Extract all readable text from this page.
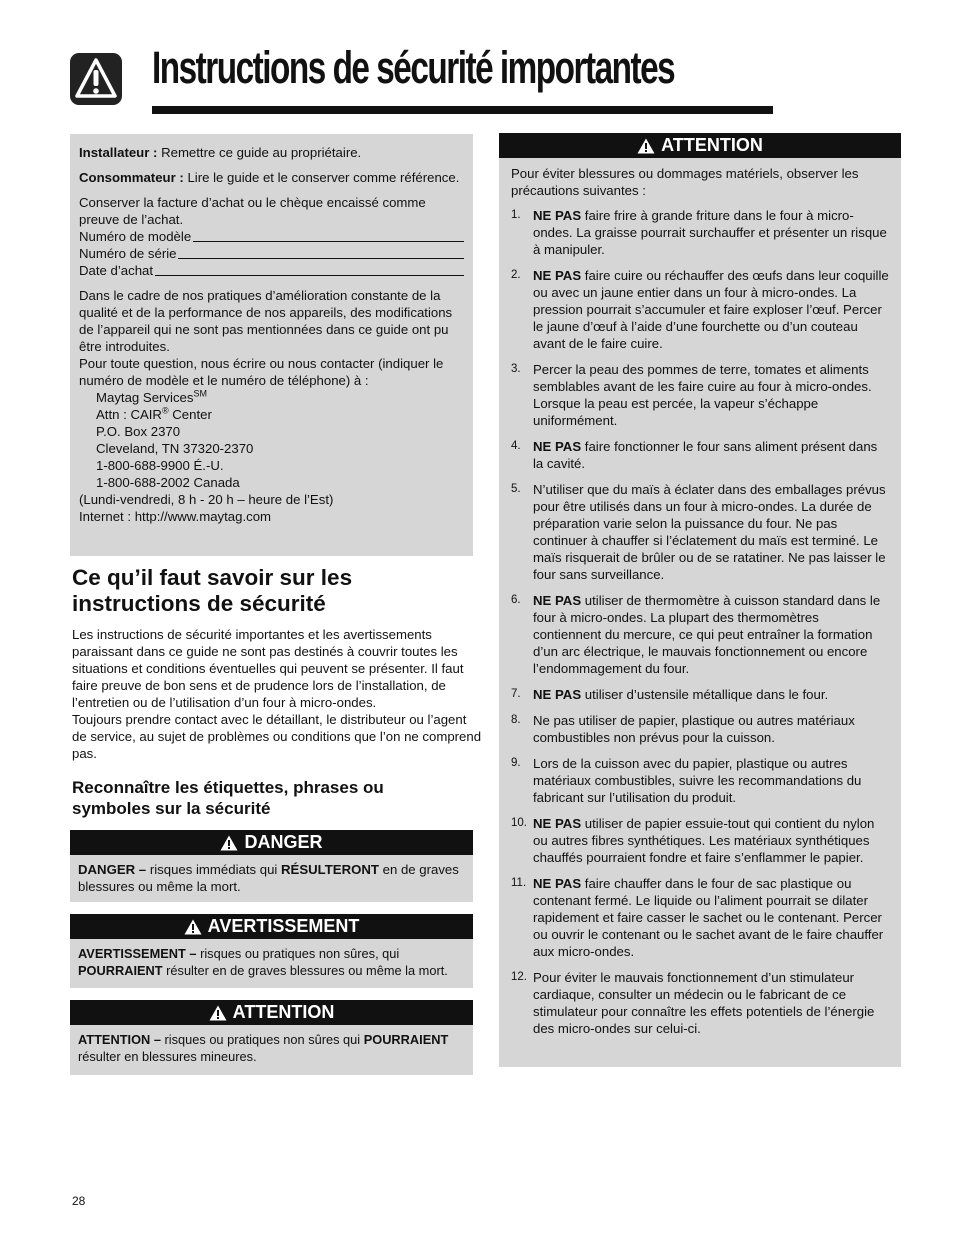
Instructions de sécurité importantes

Installateur : Remettre ce guide au propriétaire.

Consommateur : Lire le guide et le conserver comme référence.

Conserver la facture d’achat ou le chèque encaissé comme preuve de l’achat.

Numéro de modèle
Numéro de série
Date d’achat

Dans le cadre de nos pratiques d’amélioration constante de la qualité et de la performance de nos appareils, des modifications de l’appareil qui ne sont pas mentionnées dans ce guide ont pu être introduites.

Pour toute question, nous écrire ou nous contacter (indiquer le numéro de modèle et le numéro de téléphone) à :

Maytag Services℠
Attn : CAIR® Center
P.O. Box 2370
Cleveland, TN 37320-2370
1-800-688-9900 É.-U.
1-800-688-2002 Canada
(Lundi-vendredi, 8 h - 20 h – heure de l’Est)
Internet : http://www.maytag.com
Ce qu’il faut savoir sur les instructions de sécurité
Les instructions de sécurité importantes et les avertissements paraissant dans ce guide ne sont pas destinés à couvrir toutes les situations et conditions éventuelles qui peuvent se présenter. Il faut faire preuve de bon sens et de prudence lors de l’installation, de l’entretien ou de l’utilisation d’un four à micro-ondes.
Toujours prendre contact avec le détaillant, le distributeur ou l’agent de service, au sujet de problèmes ou conditions que l’on ne comprend pas.
Reconnaître les étiquettes, phrases ou symboles sur la sécurité
DANGER
DANGER – risques immédiats qui RÉSULTERONT en de graves blessures ou même la mort.
AVERTISSEMENT
AVERTISSEMENT – risques ou pratiques non sûres, qui POURRAIENT résulter en de graves blessures ou même la mort.
ATTENTION
ATTENTION – risques ou pratiques non sûres qui POURRAIENT résulter en blessures mineures.
ATTENTION

Pour éviter blessures ou dommages matériels, observer les précautions suivantes :

1. NE PAS faire frire à grande friture dans le four à micro-ondes. La graisse pourrait surchauffer et présenter un risque à manipuler.
2. NE PAS faire cuire ou réchauffer des œufs dans leur coquille ou avec un jaune entier dans un four à micro-ondes. La pression pourrait s’accumuler et faire exploser l’œuf. Percer le jaune d’œuf à l’aide d’une fourchette ou d’un couteau avant de le faire cuire.
3. Percer la peau des pommes de terre, tomates et aliments semblables avant de les faire cuire au four à micro-ondes. Lorsque la peau est percée, la vapeur s’échappe uniformément.
4. NE PAS faire fonctionner le four sans aliment présent dans la cavité.
5. N’utiliser que du maïs à éclater dans des emballages prévus pour être utilisés dans un four à micro-ondes. La durée de préparation varie selon la puissance du four. Ne pas continuer à chauffer si l’éclatement du maïs est terminé. Le maïs risquerait de brûler ou de se ratatiner. Ne pas laisser le four sans surveillance.
6. NE PAS utiliser de thermomètre à cuisson standard dans le four à micro-ondes. La plupart des thermomètres contiennent du mercure, ce qui peut entraîner la formation d’un arc électrique, le mauvais fonctionnement ou encore l’endommagement du four.
7. NE PAS utiliser d’ustensile métallique dans le four.
8. Ne pas utiliser de papier, plastique ou autres matériaux combustibles non prévus pour la cuisson.
9. Lors de la cuisson avec du papier, plastique ou autres matériaux combustibles, suivre les recommandations du fabricant sur l’utilisation du produit.
10. NE PAS utiliser de papier essuie-tout qui contient du nylon ou autres fibres synthétiques. Les matériaux synthétiques chauffés pourraient fondre et faire s’enflammer le papier.
11. NE PAS faire chauffer dans le four de sac plastique ou contenant fermé. Le liquide ou l’aliment pourrait se dilater rapidement et faire casser le sachet ou le contenant. Percer ou ouvrir le contenant ou le sachet avant de le faire chauffer aux micro-ondes.
12. Pour éviter le mauvais fonctionnement d’un stimulateur cardiaque, consulter un médecin ou le fabricant de ce stimulateur pour connaître les effets potentiels de l’énergie des micro-ondes sur celui-ci.
28
